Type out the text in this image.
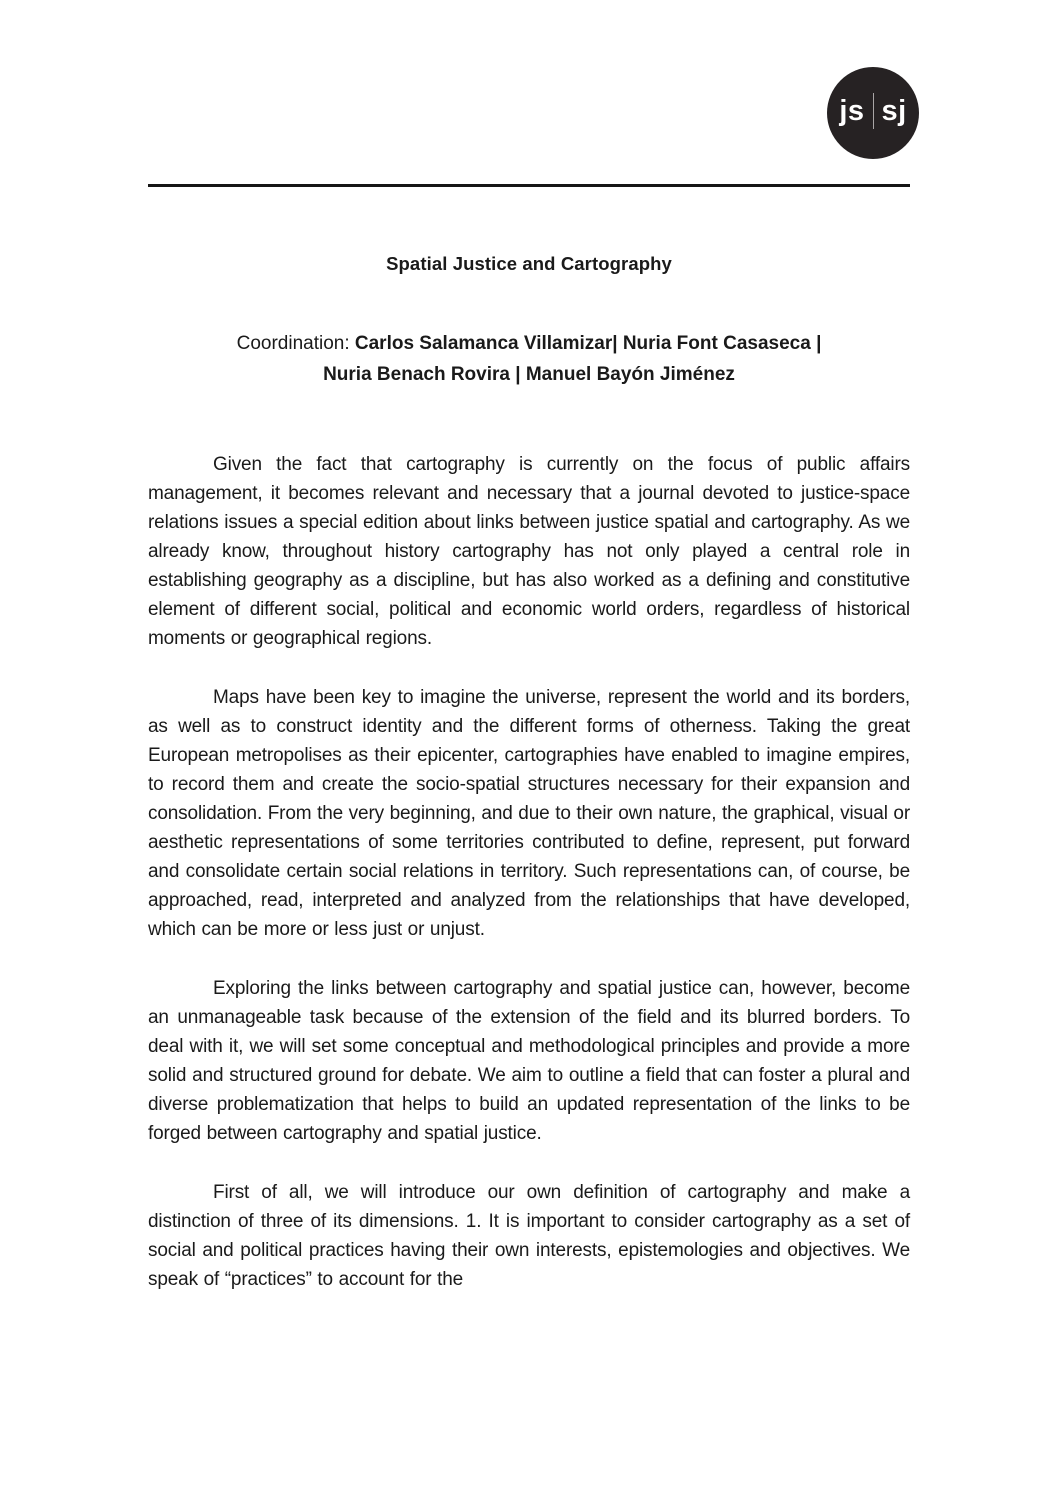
js sj
Spatial Justice and Cartography

Coordination: Carlos Salamanca Villamizar| Nuria Font Casaseca |
Nuria Benach Rovira | Manuel Bayón Jiménez

Given the fact that cartography is currently on the focus of public affairs management, it becomes relevant and necessary that a journal devoted to justice-space relations issues a special edition about links between justice spatial and cartography. As we already know, throughout history cartography has not only played a central role in establishing geography as a discipline, but has also worked as a defining and constitutive element of different social, political and economic world orders, regardless of historical moments or geographical regions.

Maps have been key to imagine the universe, represent the world and its borders, as well as to construct identity and the different forms of otherness. Taking the great European metropolises as their epicenter, cartographies have enabled to imagine empires, to record them and create the socio-spatial structures necessary for their expansion and consolidation. From the very beginning, and due to their own nature, the graphical, visual or aesthetic representations of some territories contributed to define, represent, put forward and consolidate certain social relations in territory. Such representations can, of course, be approached, read, interpreted and analyzed from the relationships that have developed, which can be more or less just or unjust.

Exploring the links between cartography and spatial justice can, however, become an unmanageable task because of the extension of the field and its blurred borders. To deal with it, we will set some conceptual and methodological principles and provide a more solid and structured ground for debate. We aim to outline a field that can foster a plural and diverse problematization that helps to build an updated representation of the links to be forged between cartography and spatial justice.

First of all, we will introduce our own definition of cartography and make a distinction of three of its dimensions. 1. It is important to consider cartography as a set of social and political practices having their own interests, epistemologies and objectives. We speak of “practices” to account for the
